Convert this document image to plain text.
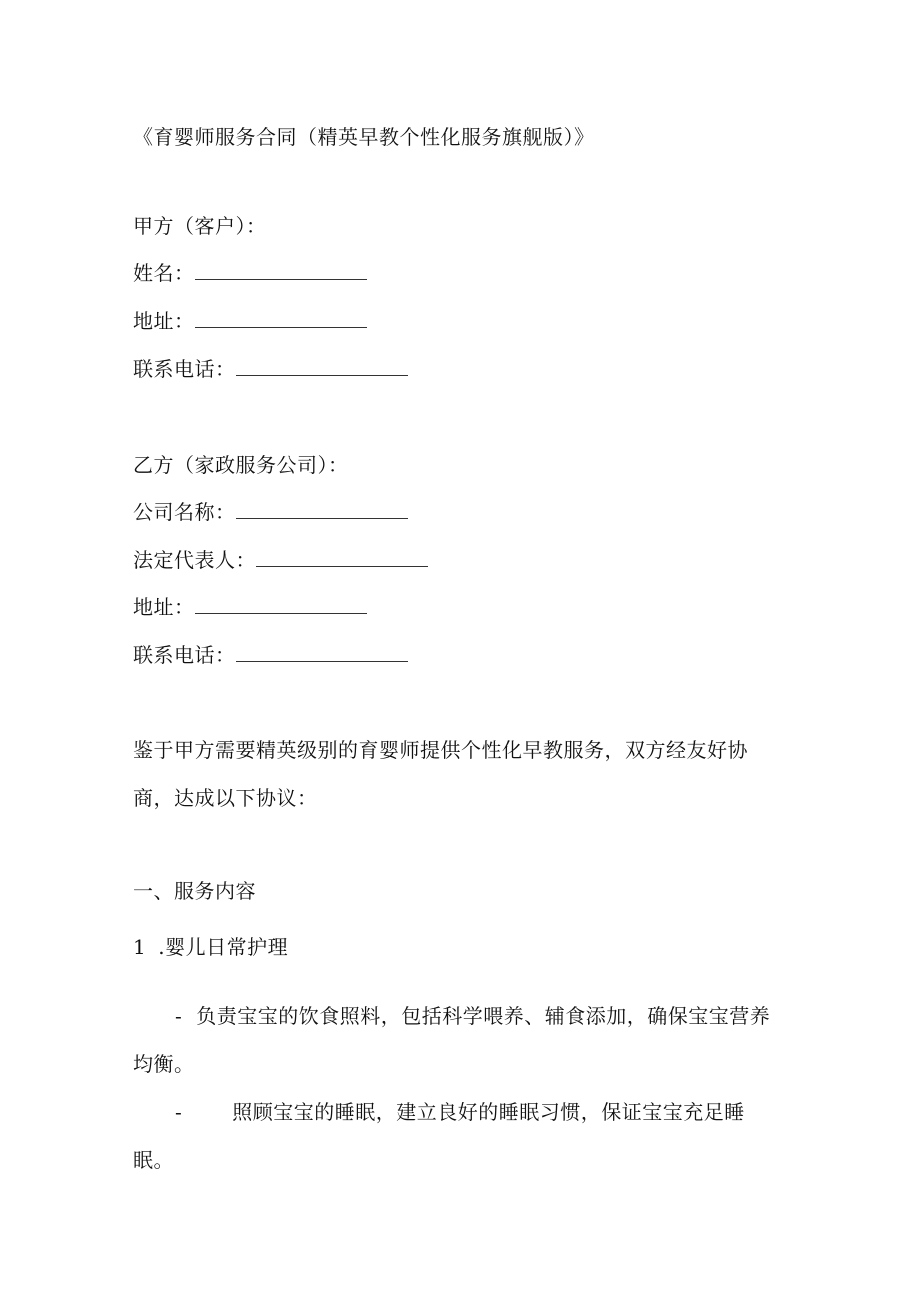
《育婴师服务合同（精英早教个性化服务旗舰版）》
甲方（客户）：
姓名：
地址：
联系电话：
乙方（家政服务公司）：
公司名称：
法定代表人：
地址：
联系电话：
鉴于甲方需要精英级别的育婴师提供个性化早教服务，双方经友好协
商，达成以下协议：
一、服务内容
1 .婴儿日常护理
- 负责宝宝的饮食照料，包括科学喂养、辅食添加，确保宝宝营养
均衡。
-	照顾宝宝的睡眠，建立良好的睡眠习惯，保证宝宝充足睡
眠。
